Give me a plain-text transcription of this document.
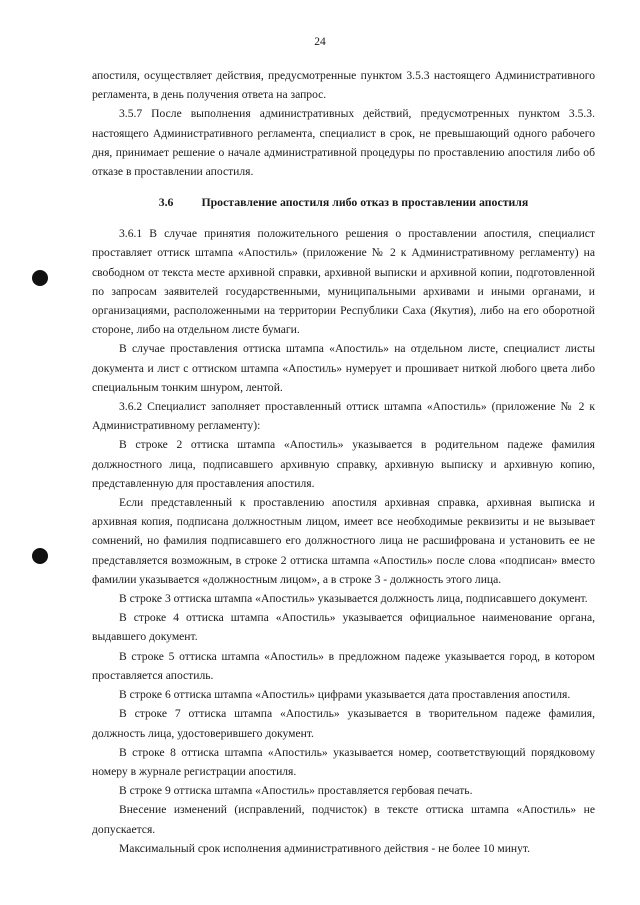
24

апостиля, осуществляет действия, предусмотренные пунктом 3.5.3 настоящего Административного регламента, в день получения ответа на запрос.

3.5.7 После выполнения административных действий, предусмотренных пунктом 3.5.3. настоящего Административного регламента, специалист в срок, не превышающий одного рабочего дня, принимает решение о начале административной процедуры по проставлению апостиля либо об отказе в проставлении апостиля.

3.6 Проставление апостиля либо отказ в проставлении апостиля

3.6.1 В случае принятия положительного решения о проставлении апостиля, специалист проставляет оттиск штампа «Апостиль» (приложение № 2 к Административному регламенту) на свободном от текста месте архивной справки, архивной выписки и архивной копии, подготовленной по запросам заявителей государственными, муниципальными архивами и иными органами, и организациями, расположенными на территории Республики Саха (Якутия), либо на его оборотной стороне, либо на отдельном листе бумаги.

В случае проставления оттиска штампа «Апостиль» на отдельном листе, специалист листы документа и лист с оттиском штампа «Апостиль» нумерует и прошивает ниткой любого цвета либо специальным тонким шнуром, лентой.

3.6.2 Специалист заполняет проставленный оттиск штампа «Апостиль» (приложение № 2 к Административному регламенту):

В строке 2 оттиска штампа «Апостиль» указывается в родительном падеже фамилия должностного лица, подписавшего архивную справку, архивную выписку и архивную копию, представленную для проставления апостиля.

Если представленный к проставлению апостиля архивная справка, архивная выписка и архивная копия, подписана должностным лицом, имеет все необходимые реквизиты и не вызывает сомнений, но фамилия подписавшего его должностного лица не расшифрована и установить ее не представляется возможным, в строке 2 оттиска штампа «Апостиль» после слова «подписан» вместо фамилии указывается «должностным лицом», а в строке 3 - должность этого лица.

В строке 3 оттиска штампа «Апостиль» указывается должность лица, подписавшего документ.

В строке 4 оттиска штампа «Апостиль» указывается официальное наименование органа, выдавшего документ.

В строке 5 оттиска штампа «Апостиль» в предложном падеже указывается город, в котором проставляется апостиль.

В строке 6 оттиска штампа «Апостиль» цифрами указывается дата проставления апостиля.

В строке 7 оттиска штампа «Апостиль» указывается в творительном падеже фамилия, должность лица, удостоверившего документ.

В строке 8 оттиска штампа «Апостиль» указывается номер, соответствующий порядковому номеру в журнале регистрации апостиля.

В строке 9 оттиска штампа «Апостиль» проставляется гербовая печать.

Внесение изменений (исправлений, подчисток) в тексте оттиска штампа «Апостиль» не допускается.

Максимальный срок исполнения административного действия - не более 10 минут.
